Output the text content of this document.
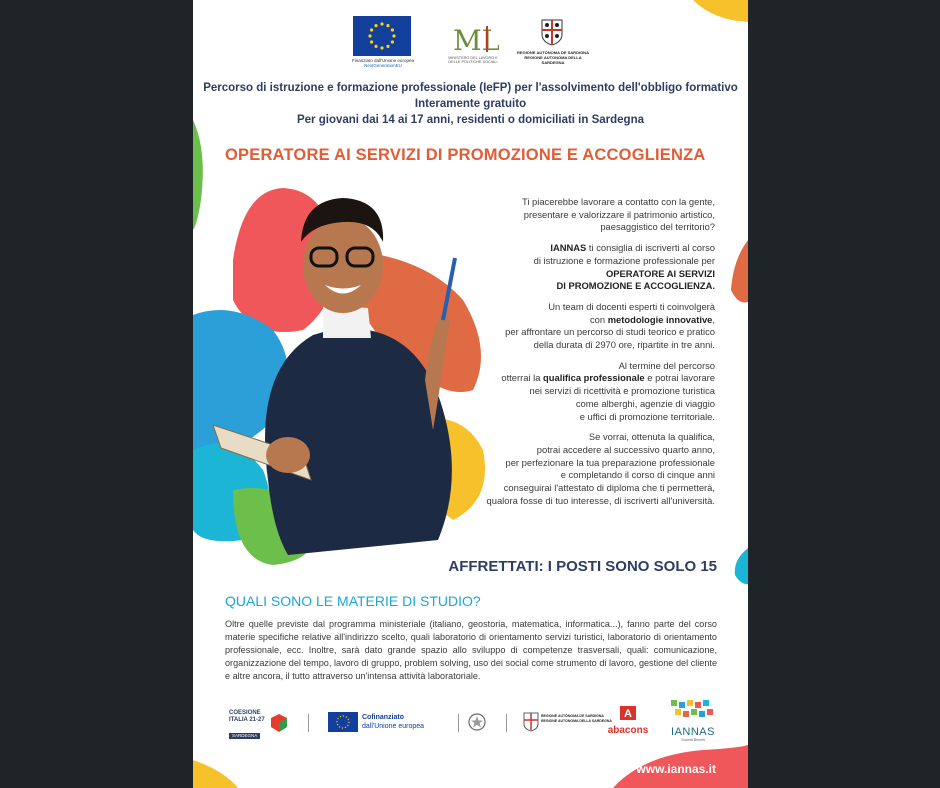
Finanziato dall'Unione europea
NextGenerationEU
ML
MINISTERO DEL LAVORO E DELLE POLITICHE SOCIALI
REGIONE AUTÒNOMA DE SARDIGNA
REGIONE AUTONOMA DELLA SARDEGNA
Percorso di istruzione e formazione professionale (IeFP) per l'assolvimento dell'obbligo formativo
Interamente gratuito
Per giovani dai 14 ai 17 anni, residenti o domiciliati in Sardegna
OPERATORE AI SERVIZI DI PROMOZIONE E ACCOGLIENZA

Ti piacerebbe lavorare a contatto con la gente,
presentare e valorizzare il patrimonio artistico,
paesaggistico del territorio?

IANNAS ti consiglia di iscriverti al corso
di istruzione e formazione professionale per
OPERATORE AI SERVIZI
DI PROMOZIONE E ACCOGLIENZA.

Un team di docenti esperti ti coinvolgerà
con metodologie innovative,
per affrontare un percorso di studi teorico e pratico
della durata di 2970 ore, ripartite in tre anni.

Al termine del percorso
otterrai la qualifica professionale e potrai lavorare
nei servizi di ricettività e promozione turistica
come alberghi, agenzie di viaggio
e uffici di promozione territoriale.

Se vorrai, ottenuta la qualifica,
potrai accedere al successivo quarto anno,
per perfezionare la tua preparazione professionale
e completando il corso di cinque anni
conseguirai l'attestato di diploma che ti permetterà,
qualora fosse di tuo interesse, di iscriverti all'università.

AFFRETTATI: I POSTI SONO SOLO 15
QUALI SONO LE MATERIE DI STUDIO?
Oltre quelle previste dal programma ministeriale (italiano, geostoria, matematica, informatica...), fanno parte del corso materie specifiche relative all'indirizzo scelto, quali laboratorio di orientamento servizi turistici, laboratorio di orientamento professionale, ecc. Inoltre, sarà dato grande spazio allo sviluppo di competenze trasversali, quali: comunicazione, organizzazione del tempo, lavoro di gruppo, problem solving, uso dei social come strumento di lavoro, gestione del cliente e altre ancora, il tutto attraverso un'intensa attività laboratoriale.
COESIONE
ITALIA 21-27
SARDEGNA
Cofinanziato
dall'Unione europea
REGIONE AUTÒNOMA DE SARDIGNA
REGIONE AUTONOMA DELLA SARDEGNA
A
abacons	IANNAS
Società Benefit
www.iannas.it
